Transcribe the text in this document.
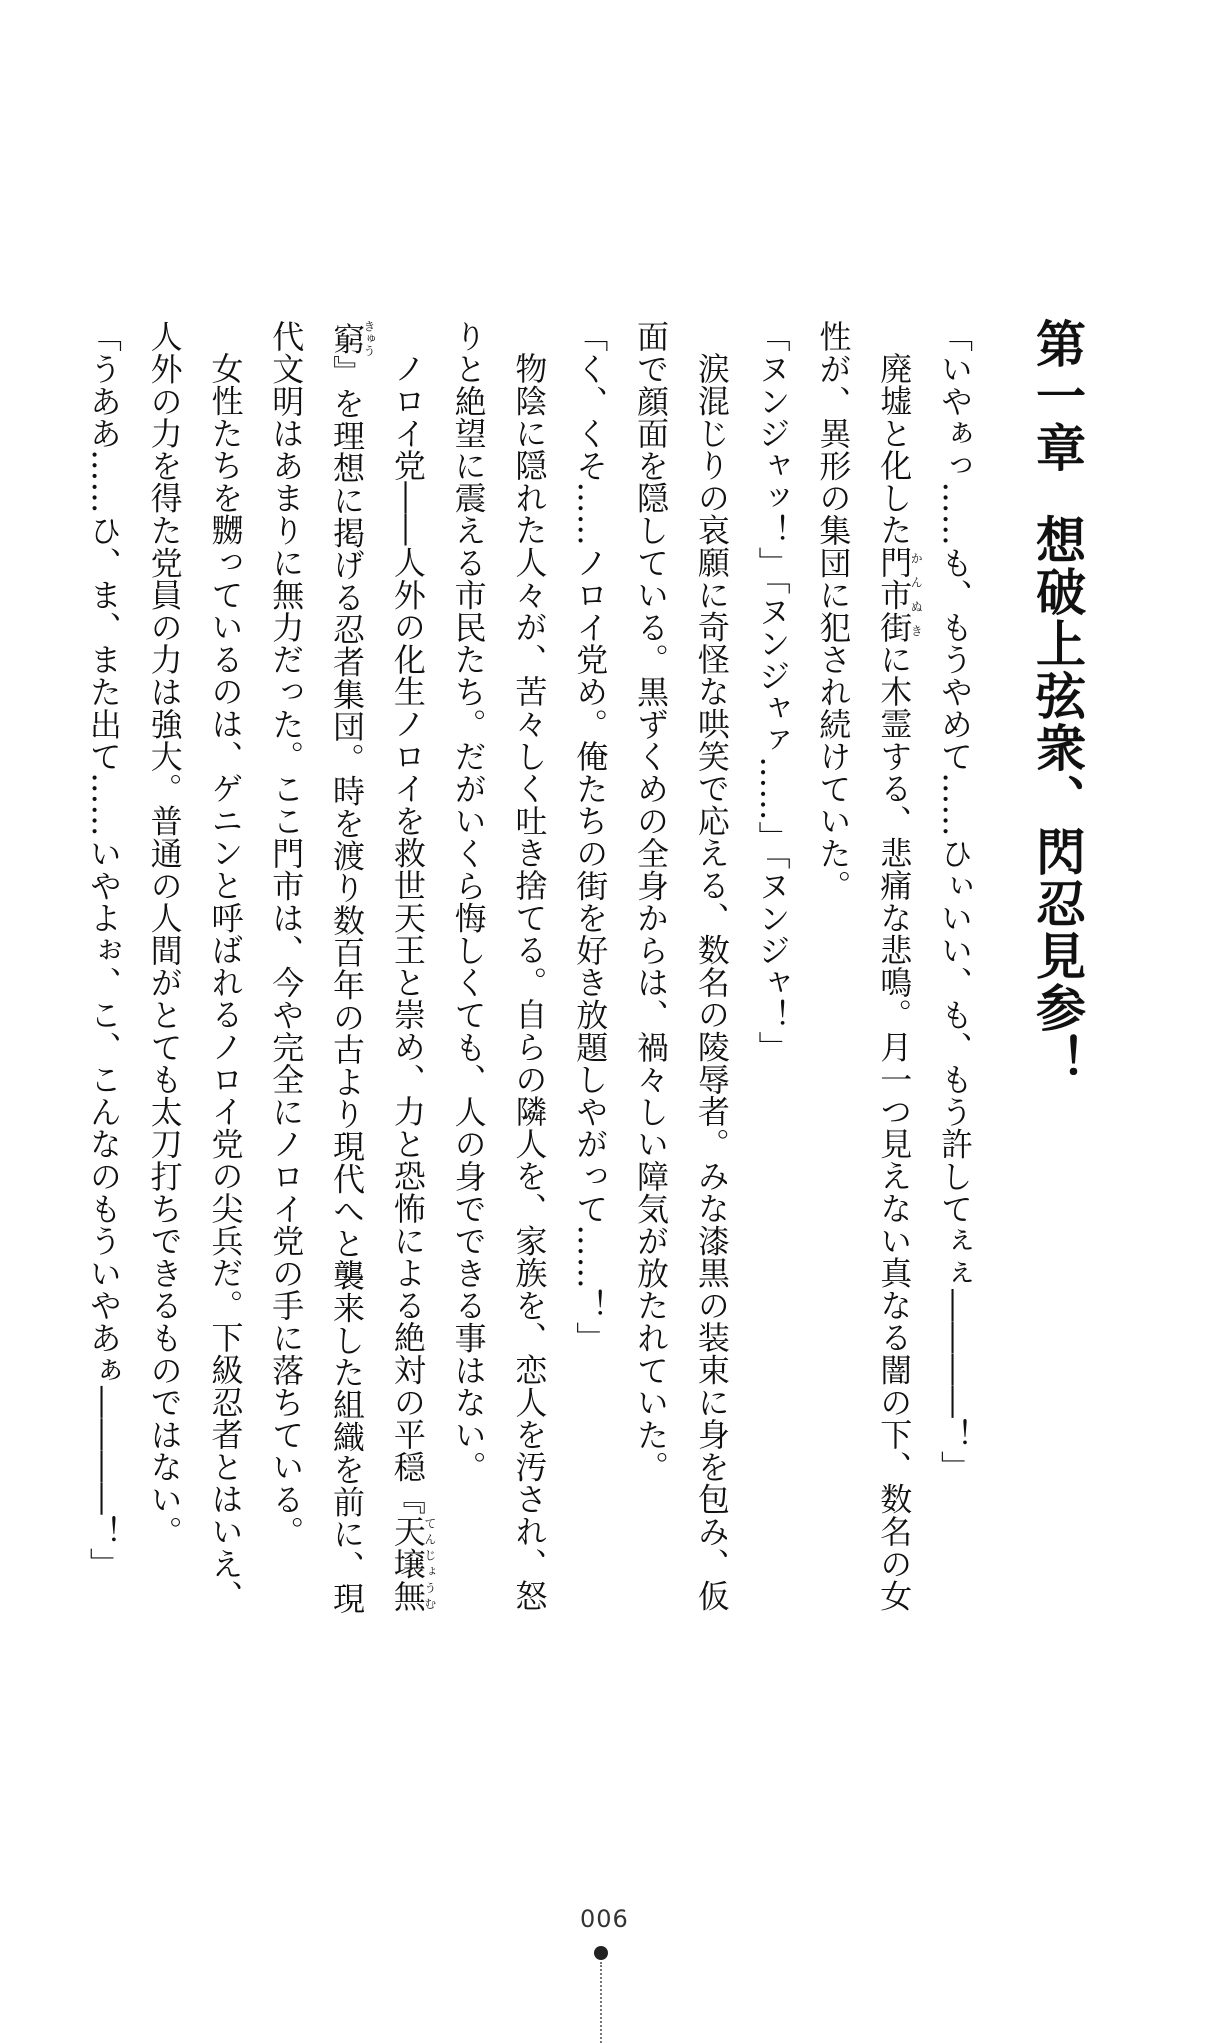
第一章想破上弦衆、閃忍見参！
「いやぁっ……も、もうやめて……ひぃいい、も、もう許してぇぇ――――！」
廃墟と化した門市街かんぬきに木霊する、悲痛な悲鳴。月一つ見えない真なる闇の下、数名の女
性が、異形の集団に犯され続けていた。
「ヌンジャッ！」「ヌンジャァ……」「ヌンジャ！」
涙混じりの哀願に奇怪な哄笑で応える、数名の陵辱者。みな漆黒の装束に身を包み、仮
面で顔面を隠している。黒ずくめの全身からは、禍々しい障気が放たれていた。
「く、くそ……ノロイ党め。俺たちの街を好き放題しやがって……！」
物陰に隠れた人々が、苦々しく吐き捨てる。自らの隣人を、家族を、恋人を汚され、怒
りと絶望に震える市民たち。だがいくら悔しくても、人の身でできる事はない。
ノロイ党――人外の化生ノロイを救世天王と崇め、力と恐怖による絶対の平穏『天壌無てんじょうむ
窮きゅう』を理想に掲げる忍者集団。時を渡り数百年の古より現代へと襲来した組織を前に、現
代文明はあまりに無力だった。ここ門市は、今や完全にノロイ党の手に落ちている。
女性たちを嬲っているのは、ゲニンと呼ばれるノロイ党の尖兵だ。下級忍者とはいえ、
人外の力を得た党員の力は強大。普通の人間がとても太刀打ちできるものではない。
「うああ……ひ、ま、また出て……いやよぉ、こ、こんなのもういやあぁ――――！」
006
